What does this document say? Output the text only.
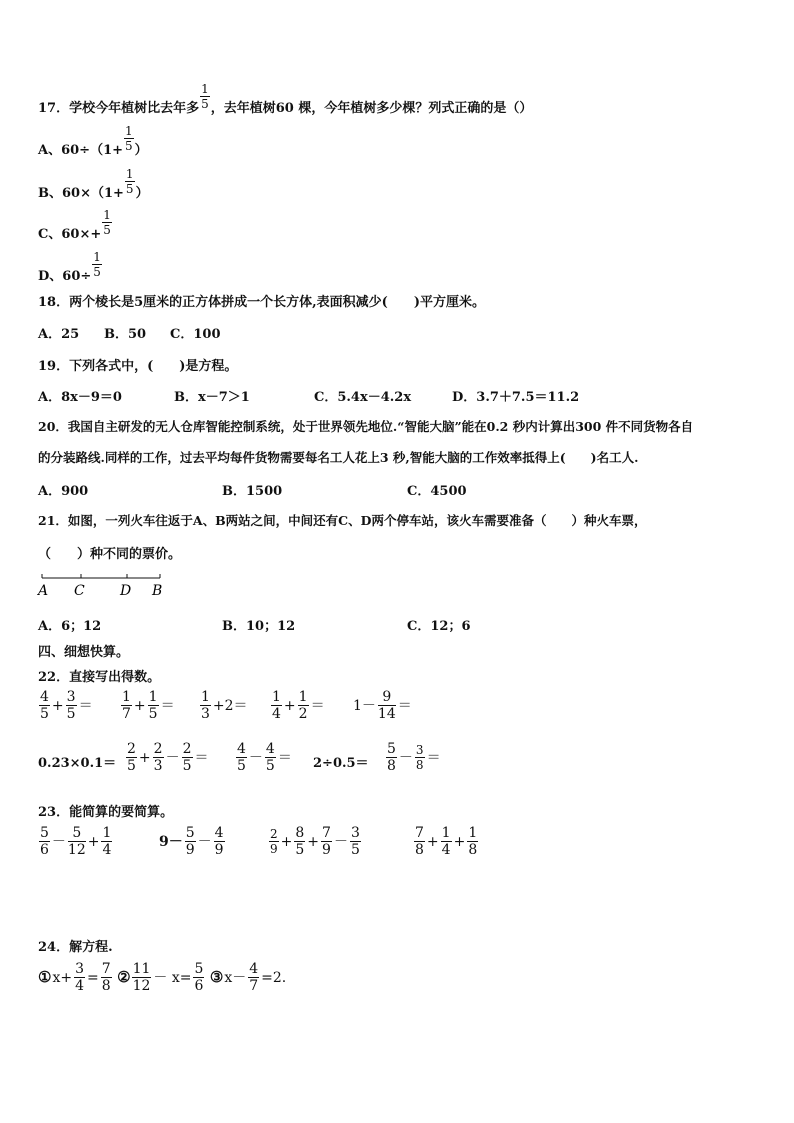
17．学校今年植树比去年多 $\frac{1}{5}$ ，去年植树60 棵，今年植树多少棵？列式正确的是（）
A、$60\div(1+ \frac{1}{5}$ ）
B、$60\times(1+ \frac{1}{5}$ ）
C、$60\times+ \frac{1}{5}$
D、$60\div \frac{1}{5}$
18．两个棱长是5厘米的正方体拼成一个长方体,表面积减少(　　)平方厘米。
A．25 B．50 C．100
19．下列各式中，(　　)是方程。
A．8x－9＝0	B．x－7＞1	C．5.4x－4.2x	D．3.7＋7.5＝11.2
20．我国自主研发的无人仓库智能控制系统，处于世界领先地位.“智能大脑”能在0.2 秒内计算出300 件不同货物各自
的分装路线.同样的工作，过去平均每件货物需要每名工人花上3 秒,智能大脑的工作效率抵得上(　　)名工人.
A．900	B．1500	C．4500
21．如图，一列火车往返于A、B两站之间，中间还有C、D两个停车站，该火车需要准备（　　）种火车票，
（　　）种不同的票价。
A C	D B
A．6；12	B．10；12	C．12；6
四、细想快算。
22．直接写出得数。
$\frac{4}{5} + \frac{3}{5} = \frac{1}{7} + \frac{1}{5} = \frac{1}{3} +2= \frac{1}{4} + \frac{1}{2} = 1- \frac{9}{14}$ ＝
$0.23\times 0.1= \frac{2}{5} + \frac{2}{3} - \frac{2}{5} = \frac{4}{5} - \frac{4}{5} = 2\div 0.5= \frac{5}{8} - \frac{3}{8}$ ＝
23．能简算的要简算。
$\frac{5}{6} - \frac{5}{12} + \frac{1}{4}$	$9- \frac{5}{9} - \frac{4}{9}$	$\frac{2}{9} + \frac{8}{5} + \frac{7}{9} - \frac{3}{5}$	$\frac{7}{8} + \frac{1}{4} + \frac{1}{8}$
24．解方程.
①x+ $\frac{3}{4} = \frac{7}{8}$ ② $\frac{11}{12} - x= \frac{5}{6}$ ③x－ $\frac{4}{7} =2$.
